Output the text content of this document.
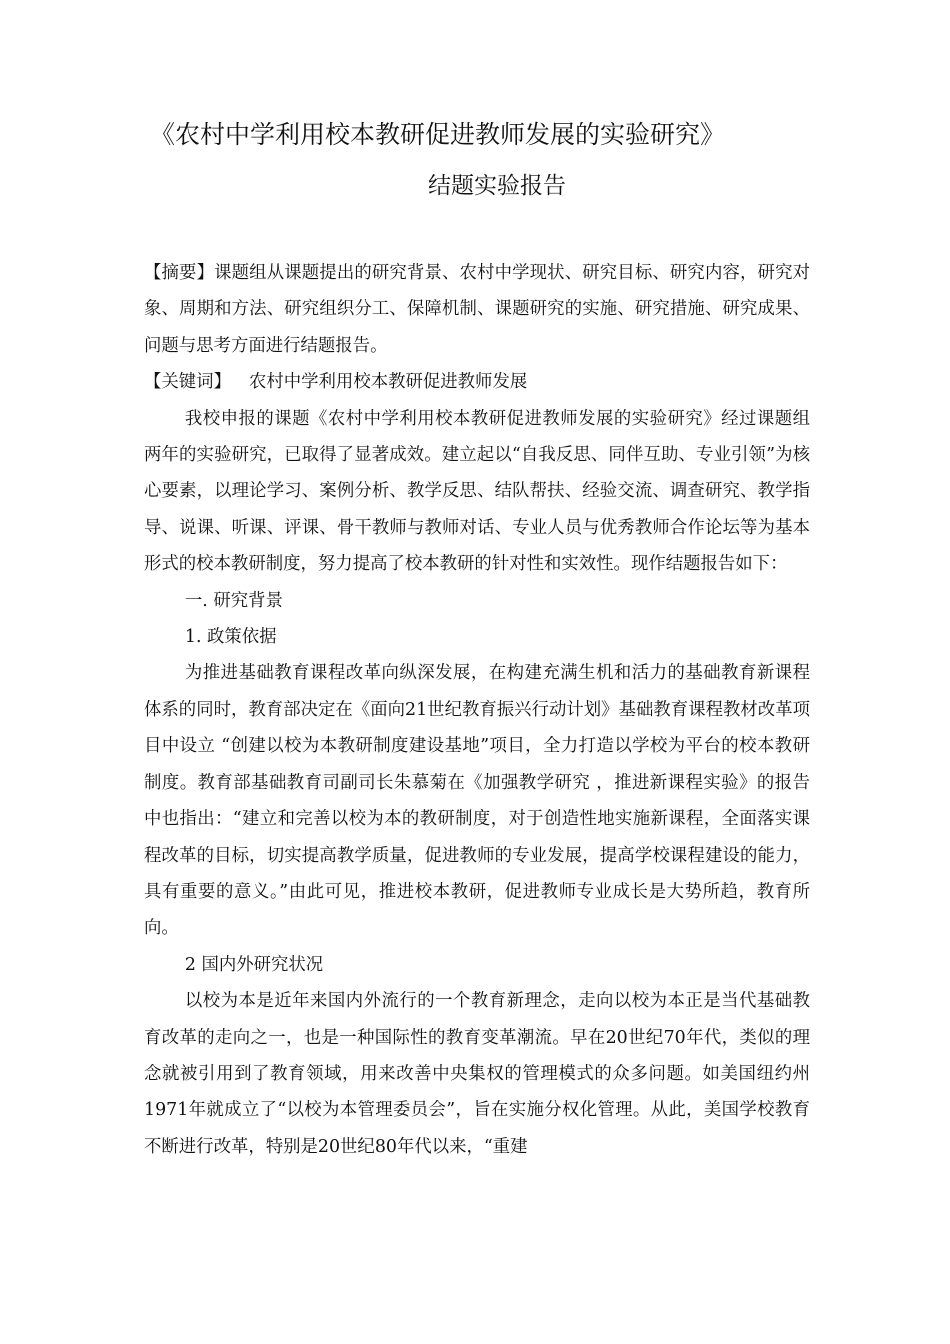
《农村中学利用校本教研促进教师发展的实验研究》
结题实验报告

【摘要】课题组从课题提出的研究背景、农村中学现状、研究目标、研究内容，研究对象、周期和方法、研究组织分工、保障机制、课题研究的实施、研究措施、研究成果、问题与思考方面进行结题报告。

【关键词】 农村中学利用校本教研促进教师发展

我校申报的课题《农村中学利用校本教研促进教师发展的实验研究》经过课题组两年的实验研究，已取得了显著成效。建立起以“自我反思、同伴互助、专业引领”为核心要素，以理论学习、案例分析、教学反思、结队帮扶、经验交流、调查研究、教学指导、说课、听课、评课、骨干教师与教师对话、专业人员与优秀教师合作论坛等为基本形式的校本教研制度，努力提高了校本教研的针对性和实效性。现作结题报告如下：

一. 研究背景

1. 政策依据

为推进基础教育课程改革向纵深发展，在构建充满生机和活力的基础教育新课程体系的同时，教育部决定在《面向21世纪教育振兴行动计划》基础教育课程教材改革项目中设立 “创建以校为本教研制度建设基地”项目，全力打造以学校为平台的校本教研制度。教育部基础教育司副司长朱慕菊在《加强教学研究 ，推进新课程实验》的报告中也指出：“建立和完善以校为本的教研制度，对于创造性地实施新课程，全面落实课程改革的目标，切实提高教学质量，促进教师的专业发展，提高学校课程建设的能力，具有重要的意义。”由此可见，推进校本教研，促进教师专业成长是大势所趋，教育所向。

2 国内外研究状况

以校为本是近年来国内外流行的一个教育新理念，走向以校为本正是当代基础教育改革的走向之一，也是一种国际性的教育变革潮流。早在20世纪70年代，类似的理念就被引用到了教育领域，用来改善中央集权的管理模式的众多问题。如美国纽约州1971年就成立了“以校为本管理委员会”，旨在实施分权化管理。从此，美国学校教育不断进行改革，特别是20世纪80年代以来，“重建
